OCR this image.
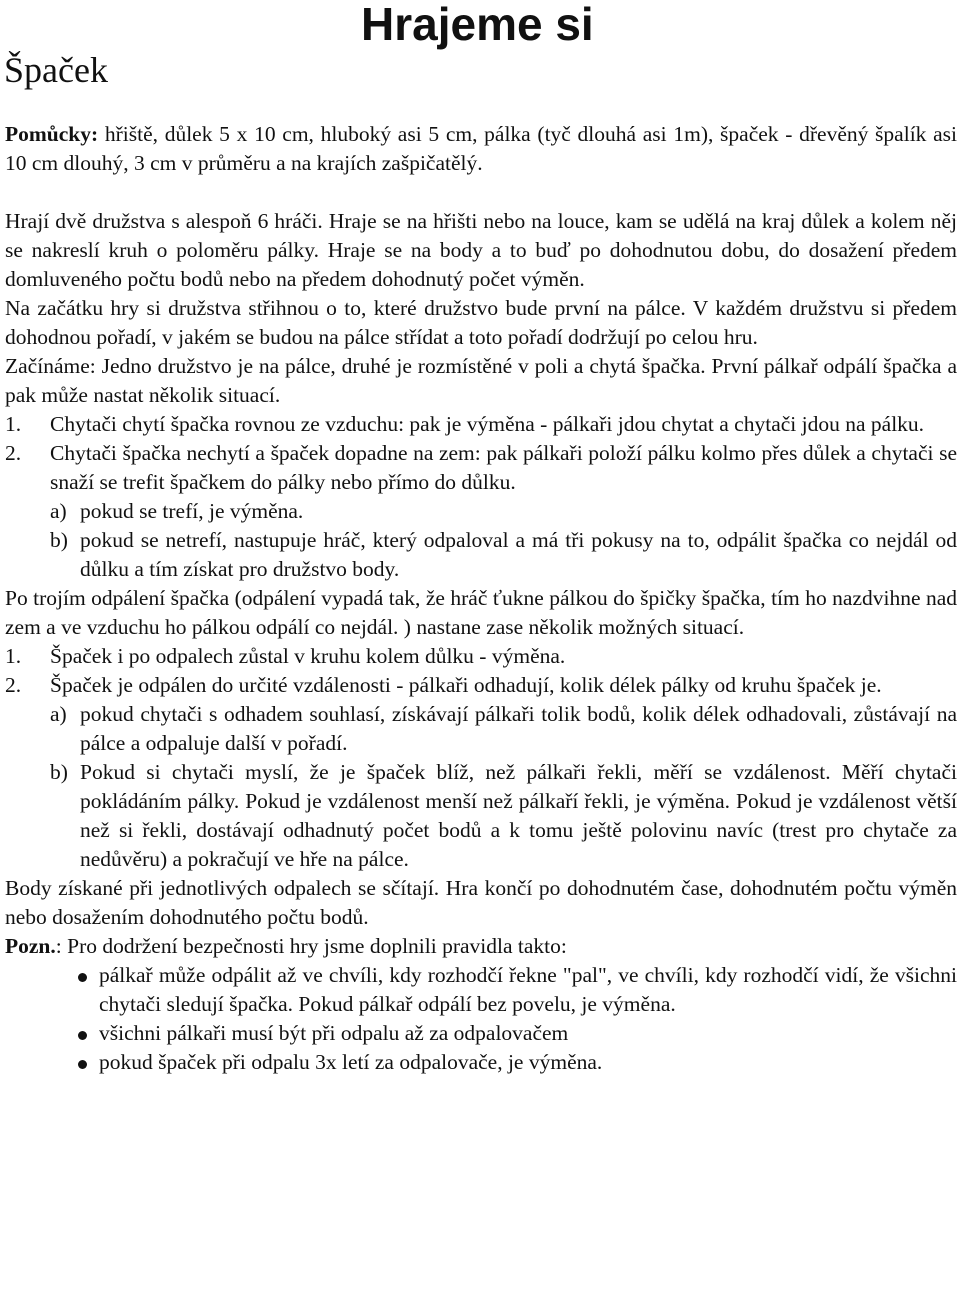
Hrajeme si
Špaček

Pomůcky: hřiště, důlek 5 x 10 cm, hluboký asi 5 cm, pálka (tyč dlouhá asi 1m), špaček - dřevěný špalík asi 10 cm dlouhý, 3 cm v průměru a na krajích zašpičatělý.

Hrají dvě družstva s alespoň 6 hráči. Hraje se na hřišti nebo na louce, kam se udělá na kraj důlek a kolem něj se nakreslí kruh o poloměru pálky. Hraje se na body a to buď po dohodnutou dobu, do dosažení předem domluveného počtu bodů nebo na předem dohodnutý počet výměn.

Na začátku hry si družstva střihnou o to, které družstvo bude první na pálce. V každém družstvu si předem dohodnou pořadí, v jakém se budou na pálce střídat a toto pořadí dodržují po celou hru.

Začínáme: Jedno družstvo je na pálce, druhé je rozmístěné v poli a chytá špačka. První pálkař odpálí špačka a pak může nastat několik situací.

1.	Chytači chytí špačka rovnou ze vzduchu: pak je výměna - pálkaři jdou chytat a chytači jdou na pálku.
2.	Chytači špačka nechytí a špaček dopadne na zem: pak pálkaři položí pálku kolmo přes důlek a chytači se snaží se trefit špačkem do pálky nebo přímo do důlku.
a) pokud se trefí, je výměna.
b) pokud se netrefí, nastupuje hráč, který odpaloval a má tři pokusy na to, odpálit špačka co nejdál od důlku a tím získat pro družstvo body.

Po trojím odpálení špačka (odpálení vypadá tak, že hráč ťukne pálkou do špičky špačka, tím ho nazdvihne nad zem a ve vzduchu ho pálkou odpálí co nejdál. ) nastane zase několik možných situací.

1.	Špaček i po odpalech zůstal v kruhu kolem důlku - výměna.
2.	Špaček je odpálen do určité vzdálenosti - pálkaři odhadují, kolik délek pálky od kruhu špaček je.
a) pokud chytači s odhadem souhlasí, získávají pálkaři tolik bodů, kolik délek odhadovali, zůstávají na pálce a odpaluje další v pořadí.
b) Pokud si chytači myslí, že je špaček blíž, než pálkaři řekli, měří se vzdálenost. Měří chytači pokládáním pálky. Pokud je vzdálenost menší než pálkaří řekli, je výměna. Pokud je vzdálenost větší než si řekli, dostávají odhadnutý počet bodů a k tomu ještě polovinu navíc (trest pro chytače za nedůvěru) a pokračují ve hře na pálce.

Body získané při jednotlivých odpalech se sčítají. Hra končí po dohodnutém čase, dohodnutém počtu výměn nebo dosažením dohodnutého počtu bodů.

Pozn.: Pro dodržení bezpečnosti hry jsme doplnili pravidla takto:

pálkař může odpálit až ve chvíli, kdy rozhodčí řekne "pal", ve chvíli, kdy rozhodčí vidí, že všichni chytači sledují špačka. Pokud pálkař odpálí bez povelu, je výměna.
všichni pálkaři musí být při odpalu až za odpalovačem
pokud špaček při odpalu 3x letí za odpalovače, je výměna.
